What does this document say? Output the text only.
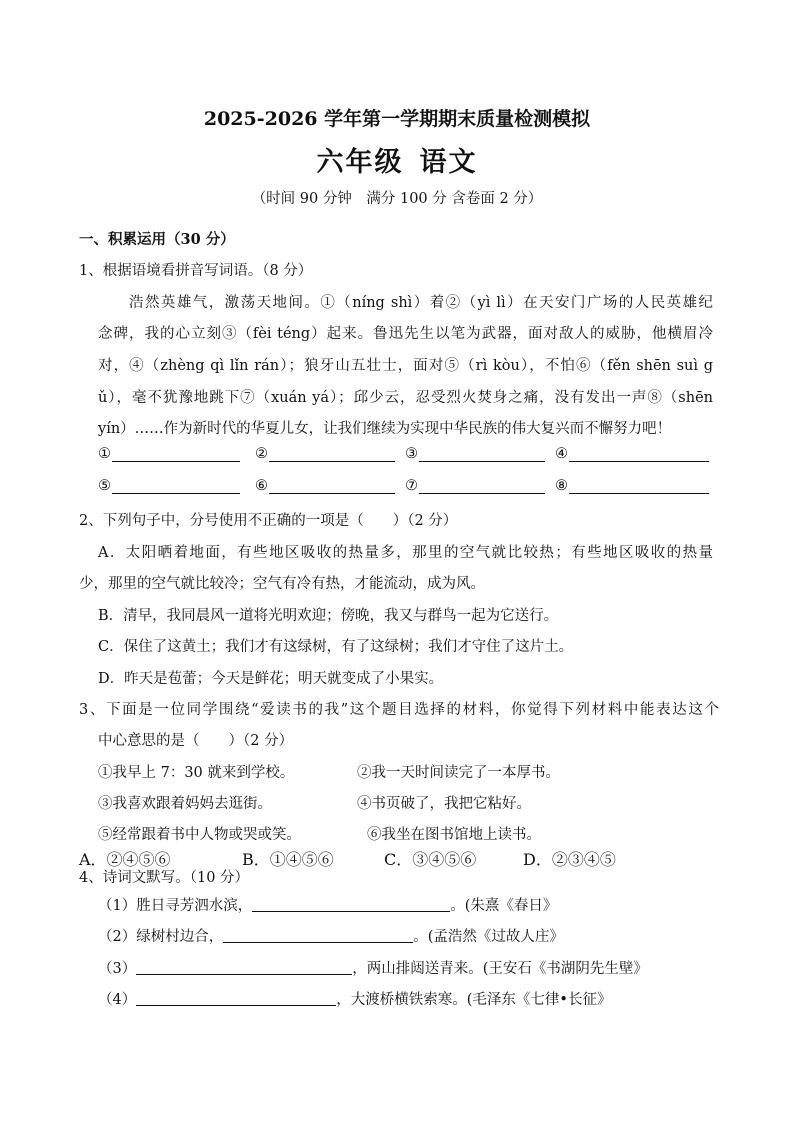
2025-2026 学年第一学期期末质量检测模拟
六年级 语文
（时间 90 分钟　满分 100 分 含卷面 2 分）
一、积累运用（30 分）
1、根据语境看拼音写词语。（8 分）
浩然英雄气，激荡天地间。①（níng shì）着②（yì lì）在天安门广场的人民英雄纪
念碑，我的心立刻③（fèi téng）起来。鲁迅先生以笔为武器，面对敌人的威胁，他横眉冷
对，④（zhèng qì lǐn rán）；狼牙山五壮士，面对⑤（rì kòu），不怕⑥（fěn shēn suì g
ǔ），毫不犹豫地跳下⑦（xuán yá）；邱少云，忍受烈火焚身之痛，没有发出一声⑧（shēn
yín）……作为新时代的华夏儿女，让我们继续为实现中华民族的伟大复兴而不懈努力吧！
①	②	③	④
⑤	⑥	⑦	⑧
2、下列句子中，分号使用不正确的一项是（　　）（2 分）
A．太阳晒着地面，有些地区吸收的热量多，那里的空气就比较热；有些地区吸收的热量
少，那里的空气就比较冷；空气有冷有热，才能流动，成为风。
B．清早，我同晨风一道将光明欢迎；傍晚，我又与群鸟一起为它送行。
C．保住了这黄土；我们才有这绿树，有了这绿树；我们才守住了这片土。
D．昨天是苞蕾；今天是鲜花；明天就变成了小果实。
3、下面是一位同学围绕“爱读书的我”这个题目选择的材料，你觉得下列材料中能表达这个
中心意思的是（　　）（2 分）
①我早上 7：30 就来到学校。	②我一天时间读完了一本厚书。
③我喜欢跟着妈妈去逛街。	④书页破了，我把它粘好。
⑤经常跟着书中人物或哭或笑。	⑥我坐在图书馆地上读书。
A．②④⑤⑥	B．①④⑤⑥	C．③④⑤⑥	D．②③④⑤
4、诗词文默写。（10 分）
（1）胜日寻芳泗水滨，	。(朱熹《春日》
（2）绿树村边合，	。(孟浩然《过故人庄》
（3）	，两山排闼送青来。(王安石《书湖阴先生壁》
（4）	，大渡桥横铁索寒。(毛泽东《七律•长征》
